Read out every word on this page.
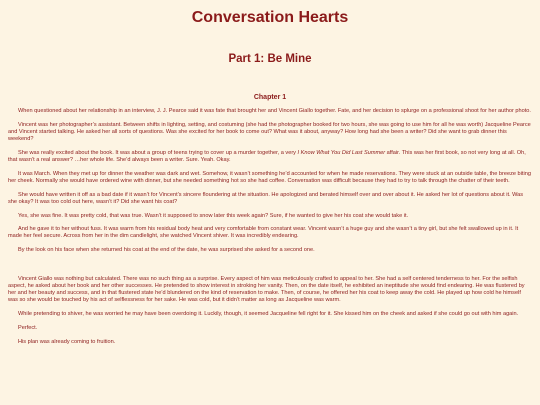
Conversation Hearts
Part 1: Be Mine
Chapter 1

When questioned about her relationship in an interview, J. J. Pearce said it was fate that brought her and Vincent Giallo together. Fate, and her decision to splurge on a professional shoot for her author photo.

Vincent was her photographer’s assistant. Between shifts in lighting, setting, and costuming (she had the photographer booked for two hours, she was going to use him for all he was worth) Jacqueline Pearce and Vincent started talking. He asked her all sorts of questions. Was she excited for her book to come out? What was it about, anyway? How long had she been a writer? Did she want to grab dinner this weekend?

She was really excited about the book. It was about a group of teens trying to cover up a murder together, a very I Know What You Did Last Summer affair. This was her first book, so not very long at all. Oh, that wasn’t a real answer? …her whole life. She’d always been a writer. Sure. Yeah. Okay.

It was March. When they met up for dinner the weather was dark and wet. Somehow, it wasn’t something he’d accounted for when he made reservations. They were stuck at an outside table, the breeze biting her cheek. Normally she would have ordered wine with dinner, but she needed something hot so she had coffee. Conversation was difficult because they had to try to talk through the chatter of their teeth.

She would have written it off as a bad date if it wasn’t for Vincent’s sincere floundering at the situation. He apologized and berated himself over and over about it. He asked her lot of questions about it. Was she okay? It was too cold out here, wasn’t it? Did she want his coat?

Yes, she was fine. It was pretty cold, that was true. Wasn’t it supposed to snow later this week again? Sure, if he wanted to give her his coat she would take it.

And he gave it to her without fuss. It was warm from his residual body heat and very comfortable from constant wear. Vincent wasn’t a huge guy and she wasn’t a tiny girl, but she felt swallowed up in it. It made her feel secure. Across from her in the dim candlelight, she watched Vincent shiver. It was incredibly endearing.

By the look on his face when she returned his coat at the end of the date, he was surprised she asked for a second one.

Vincent Giallo was nothing but calculated. There was no such thing as a surprise. Every aspect of him was meticulously crafted to appeal to her. She had a self centered tenderness to her. For the selfish aspect, he asked about her book and her other successes. He pretended to show interest in stroking her vanity. Then, on the date itself, he exhibited an ineptitude she would find endearing. He was flustered by her and her beauty and success, and in that flustered state he’d blundered on the kind of reservation to make. Then, of course, he offered her his coat to keep away the cold. He played up how cold he himself was so she would be touched by his act of selflessness for her sake. He was cold, but it didn’t matter as long as Jacqueline was warm.

While pretending to shiver, he was worried he may have been overdoing it. Luckily, though, it seemed Jacqueline fell right for it. She kissed him on the cheek and asked if she could go out with him again.

Perfect.

His plan was already coming to fruition.
